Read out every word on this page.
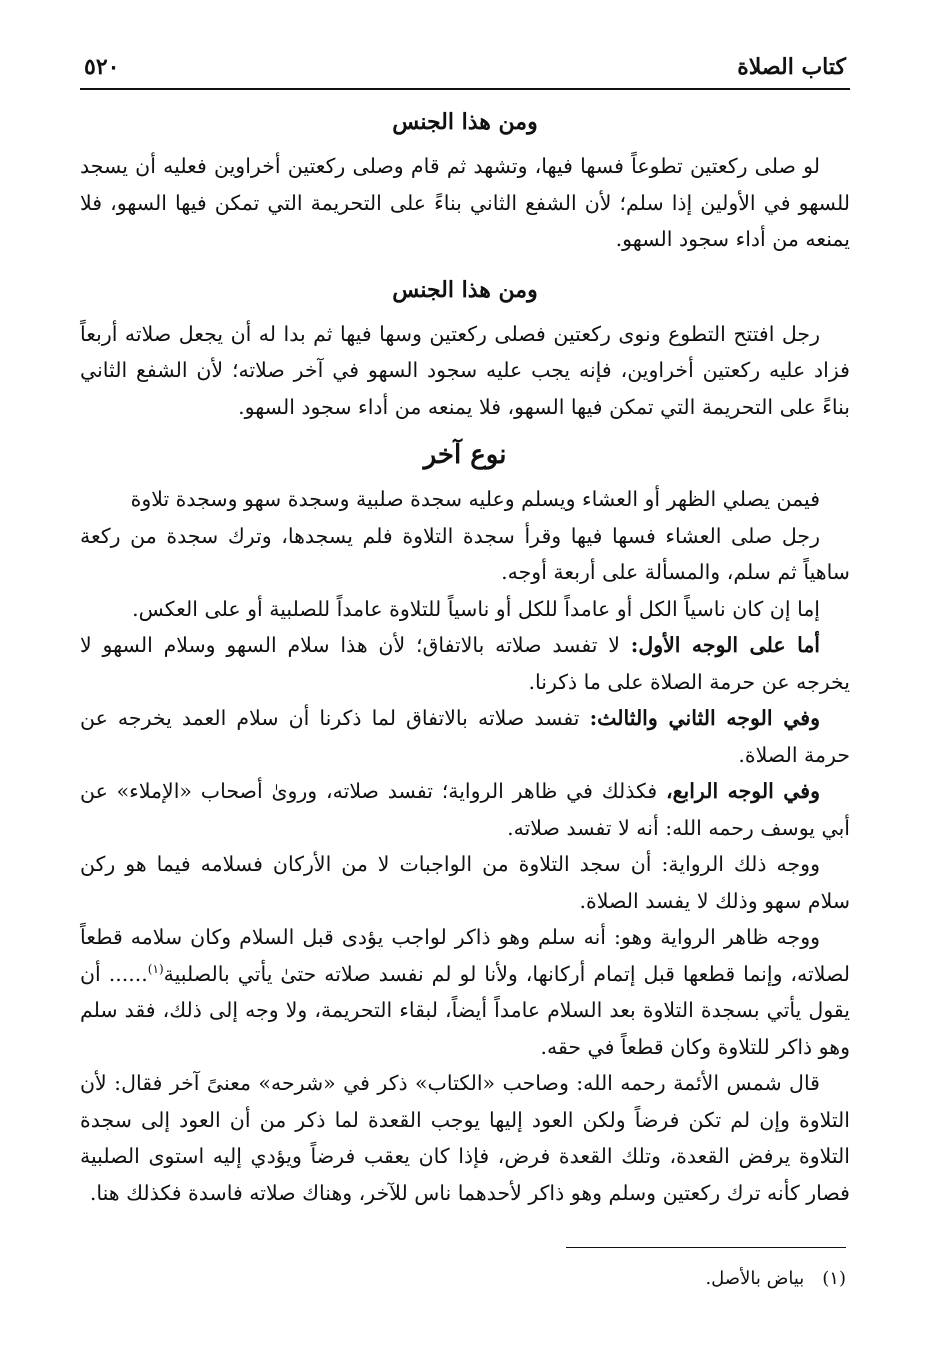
كتاب الصلاة
٥٢٠
ومن هذا الجنس

لو صلى ركعتين تطوعاً فسها فيها، وتشهد ثم قام وصلى ركعتين أخراوين فعليه أن يسجد للسهو في الأولين إذا سلم؛ لأن الشفع الثاني بناءً على التحريمة التي تمكن فيها السهو، فلا يمنعه من أداء سجود السهو.

ومن هذا الجنس

رجل افتتح التطوع ونوى ركعتين فصلى ركعتين وسها فيها ثم بدا له أن يجعل صلاته أربعاً فزاد عليه ركعتين أخراوين، فإنه يجب عليه سجود السهو في آخر صلاته؛ لأن الشفع الثاني بناءً على التحريمة التي تمكن فيها السهو، فلا يمنعه من أداء سجود السهو.

نوع آخر

فيمن يصلي الظهر أو العشاء ويسلم وعليه سجدة صلبية وسجدة سهو وسجدة تلاوة

رجل صلى العشاء فسها فيها وقرأ سجدة التلاوة فلم يسجدها، وترك سجدة من ركعة ساهياً ثم سلم، والمسألة على أربعة أوجه.

إما إن كان ناسياً الكل أو عامداً للكل أو ناسياً للتلاوة عامداً للصلبية أو على العكس.

أما على الوجه الأول: لا تفسد صلاته بالاتفاق؛ لأن هذا سلام السهو وسلام السهو لا يخرجه عن حرمة الصلاة على ما ذكرنا.

وفي الوجه الثاني والثالث: تفسد صلاته بالاتفاق لما ذكرنا أن سلام العمد يخرجه عن حرمة الصلاة.

وفي الوجه الرابع، فكذلك في ظاهر الرواية؛ تفسد صلاته، وروىٰ أصحاب «الإملاء» عن أبي يوسف رحمه الله: أنه لا تفسد صلاته.

ووجه ذلك الرواية: أن سجد التلاوة من الواجبات لا من الأركان فسلامه فيما هو ركن سلام سهو وذلك لا يفسد الصلاة.

ووجه ظاهر الرواية وهو: أنه سلم وهو ذاكر لواجب يؤدى قبل السلام وكان سلامه قطعاً لصلاته، وإنما قطعها قبل إتمام أركانها، ولأنا لو لم نفسد صلاته حتىٰ يأتي بالصلبية$^{(١)}$...... أن يقول يأتي بسجدة التلاوة بعد السلام عامداً أيضاً، لبقاء التحريمة، ولا وجه إلى ذلك، فقد سلم وهو ذاكر للتلاوة وكان قطعاً في حقه.

قال شمس الأئمة رحمه الله: وصاحب «الكتاب» ذكر في «شرحه» معنىً آخر فقال: لأن التلاوة وإن لم تكن فرضاً ولكن العود إليها يوجب القعدة لما ذكر من أن العود إلى سجدة التلاوة يرفض القعدة، وتلك القعدة فرض، فإذا كان يعقب فرضاً ويؤدي إليه استوى الصلبية فصار كأنه ترك ركعتين وسلم وهو ذاكر لأحدهما ناس للآخر، وهناك صلاته فاسدة فكذلك هنا.

(١)بياض بالأصل.
